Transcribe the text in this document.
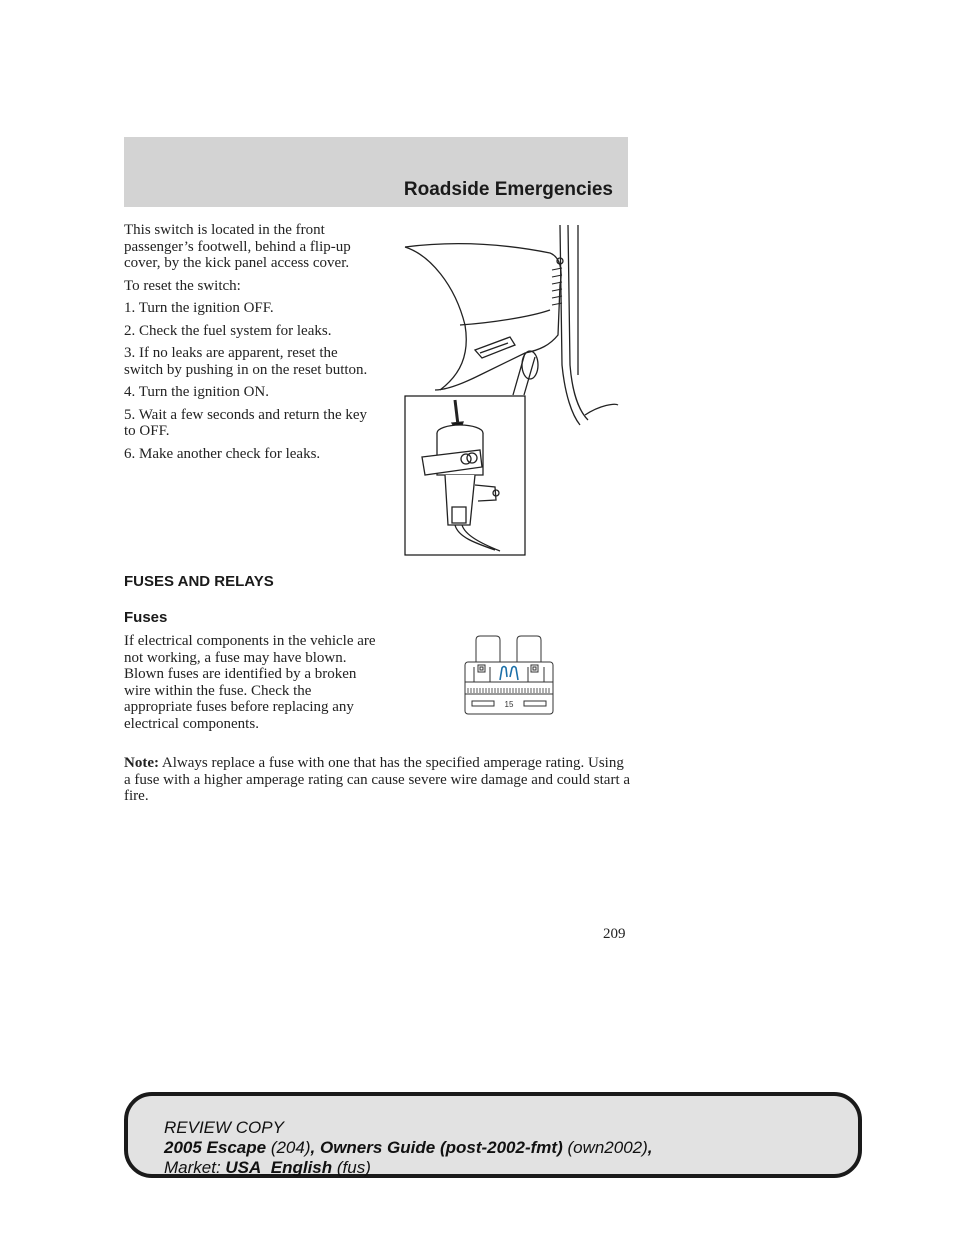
Roadside Emergencies

This switch is located in the front passenger’s footwell, behind a flip-up cover, by the kick panel access cover.

To reset the switch:

1. Turn the ignition OFF.

2. Check the fuel system for leaks.

3. If no leaks are apparent, reset the switch by pushing in on the reset button.

4. Turn the ignition ON.

5. Wait a few seconds and return the key to OFF.

6. Make another check for leaks.

FUSES AND RELAYS
Fuses

If electrical components in the vehicle are not working, a fuse may have blown. Blown fuses are identified by a broken wire within the fuse. Check the appropriate fuses before replacing any electrical components.

15
Note: Always replace a fuse with one that has the specified amperage rating. Using a fuse with a higher amperage rating can cause severe wire damage and could start a fire.
209
REVIEW COPY
2005 Escape (204), Owners Guide (post-2002-fmt) (own2002),
Market: USA_English (fus)
